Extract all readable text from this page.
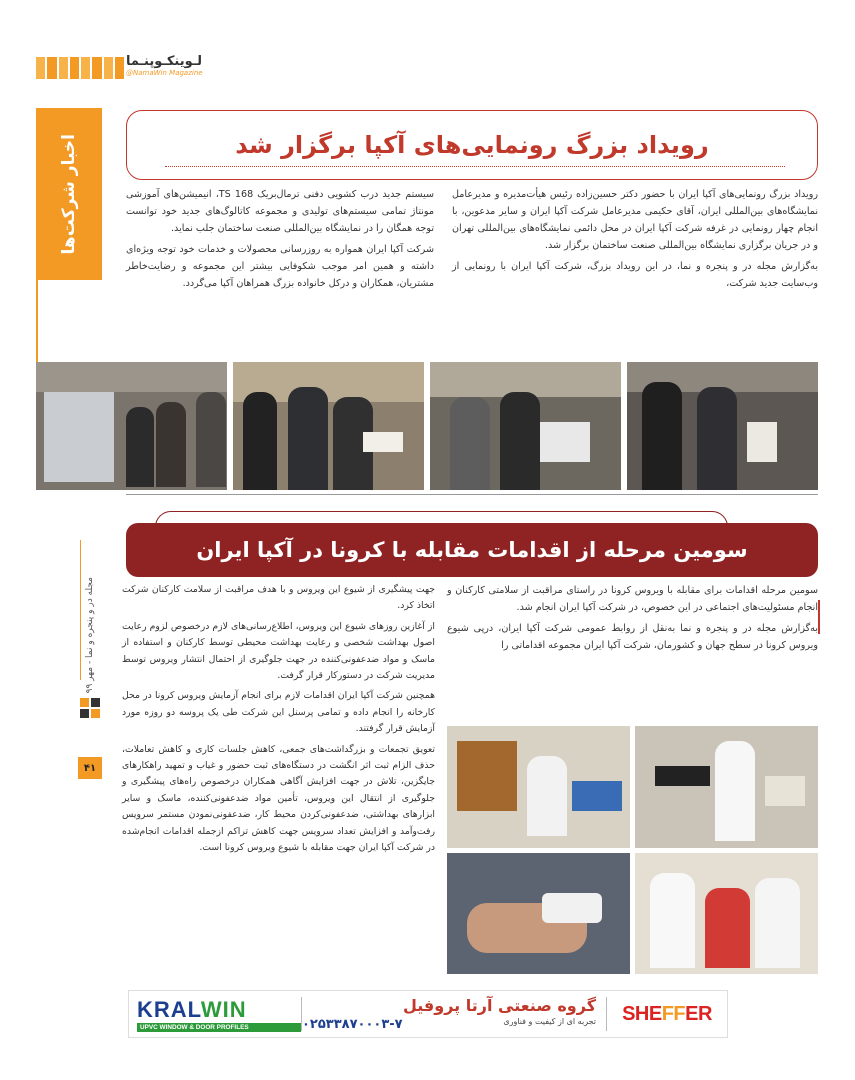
لـوینکـوپنـما
@NamaWin Magazine
اخبار شرکت‌ها	رویداد بزرگ رونمایی‌های آکپا برگزار شد

رویداد بزرگ رونمایی‌های آکپا ایران با حضور دکتر حسین‌زاده رئیس هیأت‌مدیره و مدیرعامل نمایشگاه‌های بین‌المللی ایران، آقای حکیمی مدیرعامل شرکت آکپا ایران و سایر مدعوین، با انجام چهار رونمایی در غرفه شرکت آکپا ایران در محل دائمی نمایشگاه‌های بین‌المللی تهران و در جریان برگزاری نمایشگاه بین‌المللی صنعت ساختمان برگزار شد.

به‌گزارش مجله در و پنجره و نما، در این رویداد بزرگ، شرکت آکپا ایران با رونمایی از وب‌سایت جدید شرکت،

سیستم جدید درب کشویی دفنی ترمال‌بریک TS 168، انیمیشن‌های آموزشی مونتاژ تمامی سیستم‌های تولیدی و مجموعه کاتالوگ‌های جدید خود توانست توجه همگان را در نمایشگاه بین‌المللی صنعت ساختمان جلب نماید.

شرکت آکپا ایران همواره به روزرسانی محصولات و خدمات خود توجه ویژه‌ای داشته و همین امر موجب شکوفایی بیشتر این مجموعه و رضایت‌خاطر مشتریان، همکاران و درکل خانواده بزرگ همراهان آکپا می‌گردد.

سومین مرحله از اقدامات مقابله با کرونا در آکپا ایران
مجله در و پنجره و نما - مهر ۹۹
۴۱

سومین مرحله اقدامات برای مقابله با ویروس کرونا در راستای مراقبت از سلامتی کارکنان و انجام مسئولیت‌های اجتماعی در این خصوص، در شرکت آکپا ایران انجام شد.

به‌گزارش مجله در و پنجره و نما به‌نقل از روابط عمومی شرکت آکپا ایران، درپی شیوع ویروس کرونا در سطح جهان و کشورمان، شرکت آکپا ایران مجموعه اقداماتی را

جهت پیشگیری از شیوع این ویروس و با هدف مراقبت از سلامت کارکنان شرکت اتخاذ کرد.

از آغازین روزهای شیوع این ویروس، اطلاع‌رسانی‌های لازم درخصوص لزوم رعایت اصول بهداشت شخصی و رعایت بهداشت محیطی توسط کارکنان و استفاده از ماسک و مواد ضدعفونی‌کننده در جهت جلوگیری از احتمال انتشار ویروس توسط مدیریت شرکت در دستورکار قرار گرفت.

همچنین شرکت آکپا ایران اقدامات لازم برای انجام آزمایش ویروس کرونا در محل کارخانه را انجام داده و تمامی پرسنل این شرکت طی یک پروسه دو روزه مورد آزمایش قرار گرفتند.

تعویق تجمعات و بزرگداشت‌های جمعی، کاهش جلسات کاری و کاهش تعاملات، حذف الزام ثبت اثر انگشت در دستگاه‌های ثبت حضور و غیاب و تمهید راهکارهای جایگزین، تلاش در جهت افزایش آگاهی همکاران درخصوص راه‌های پیشگیری و جلوگیری از انتقال این ویروس، تأمین مواد ضدعفونی‌کننده، ماسک و سایر ابزارهای بهداشتی، ضدعفونی‌کردن محیط کار، ضدعفونی‌نمودن مستمر سرویس رفت‌وآمد و افزایش تعداد سرویس جهت کاهش تراکم ازجمله اقدامات انجام‌شده در شرکت آکپا ایران جهت مقابله با شیوع ویروس کرونا است.

KRALWIN
UPVC WINDOW & DOOR PROFILES
گروه صنعتی آرتا پروفیل
تجربه ای از کیفیت و فناوری
۰۲۵۳۳۸۷۰۰۰۳-۷	SHEFFER
